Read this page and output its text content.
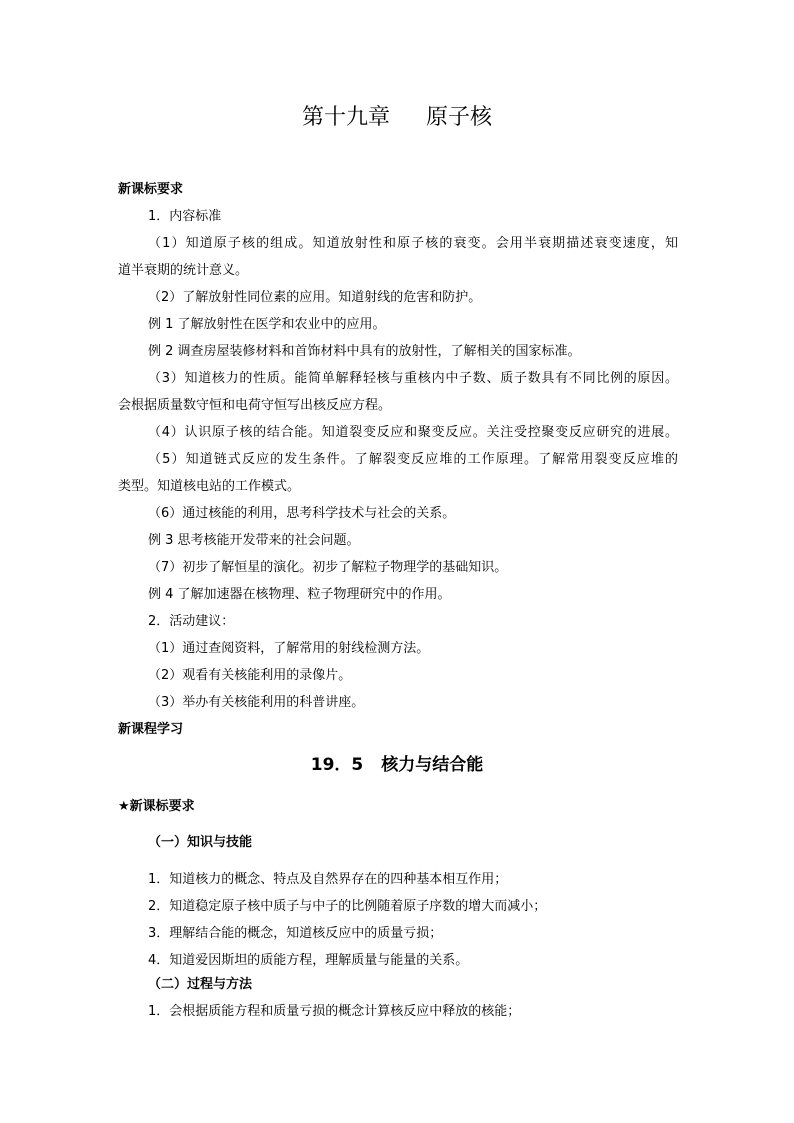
第十九章 原子核
新课标要求
1．内容标准
（1）知道原子核的组成。知道放射性和原子核的衰变。会用半衰期描述衰变速度，知
道半衰期的统计意义。
（2）了解放射性同位素的应用。知道射线的危害和防护。
例 1 了解放射性在医学和农业中的应用。
例 2 调查房屋装修材料和首饰材料中具有的放射性，了解相关的国家标准。
（3）知道核力的性质。能简单解释轻核与重核内中子数、质子数具有不同比例的原因。
会根据质量数守恒和电荷守恒写出核反应方程。
（4）认识原子核的结合能。知道裂变反应和聚变反应。关注受控聚变反应研究的进展。
（5）知道链式反应的发生条件。了解裂变反应堆的工作原理。了解常用裂变反应堆的
类型。知道核电站的工作模式。
（6）通过核能的利用，思考科学技术与社会的关系。
例 3 思考核能开发带来的社会问题。
（7）初步了解恒星的演化。初步了解粒子物理学的基础知识。
例 4 了解加速器在核物理、粒子物理研究中的作用。
2．活动建议：
（1）通过查阅资料，了解常用的射线检测方法。
（2）观看有关核能利用的录像片。
（3）举办有关核能利用的科普讲座。
新课程学习
19．5 核力与结合能
★新课标要求
（一）知识与技能
1．知道核力的概念、特点及自然界存在的四种基本相互作用；
2．知道稳定原子核中质子与中子的比例随着原子序数的增大而减小；
3．理解结合能的概念，知道核反应中的质量亏损；
4．知道爱因斯坦的质能方程，理解质量与能量的关系。
（二）过程与方法
1．会根据质能方程和质量亏损的概念计算核反应中释放的核能；
